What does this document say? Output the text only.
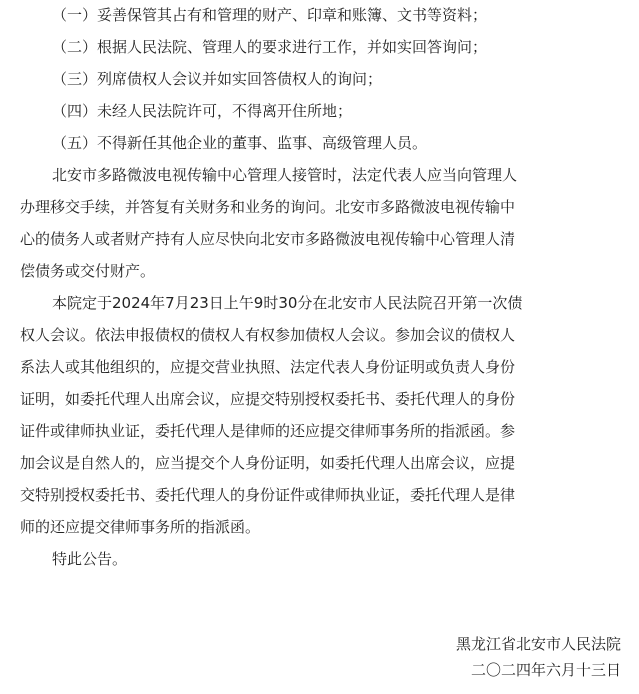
（一）妥善保管其占有和管理的财产、印章和账簿、文书等资料；
（二）根据人民法院、管理人的要求进行工作，并如实回答询问；
（三）列席债权人会议并如实回答债权人的询问；
（四）未经人民法院许可，不得离开住所地；
（五）不得新任其他企业的董事、监事、高级管理人员。
北安市多路微波电视传输中心管理人接管时，法定代表人应当向管理人
办理移交手续，并答复有关财务和业务的询问。北安市多路微波电视传输中
心的债务人或者财产持有人应尽快向北安市多路微波电视传输中心管理人清
偿债务或交付财产。
本院定于2024年7月23日上午9时30分在北安市人民法院召开第一次债
权人会议。依法申报债权的债权人有权参加债权人会议。参加会议的债权人
系法人或其他组织的，应提交营业执照、法定代表人身份证明或负责人身份
证明，如委托代理人出席会议，应提交特别授权委托书、委托代理人的身份
证件或律师执业证，委托代理人是律师的还应提交律师事务所的指派函。参
加会议是自然人的，应当提交个人身份证明，如委托代理人出席会议，应提
交特别授权委托书、委托代理人的身份证件或律师执业证，委托代理人是律
师的还应提交律师事务所的指派函。
特此公告。
黑龙江省北安市人民法院
二〇二四年六月十三日
